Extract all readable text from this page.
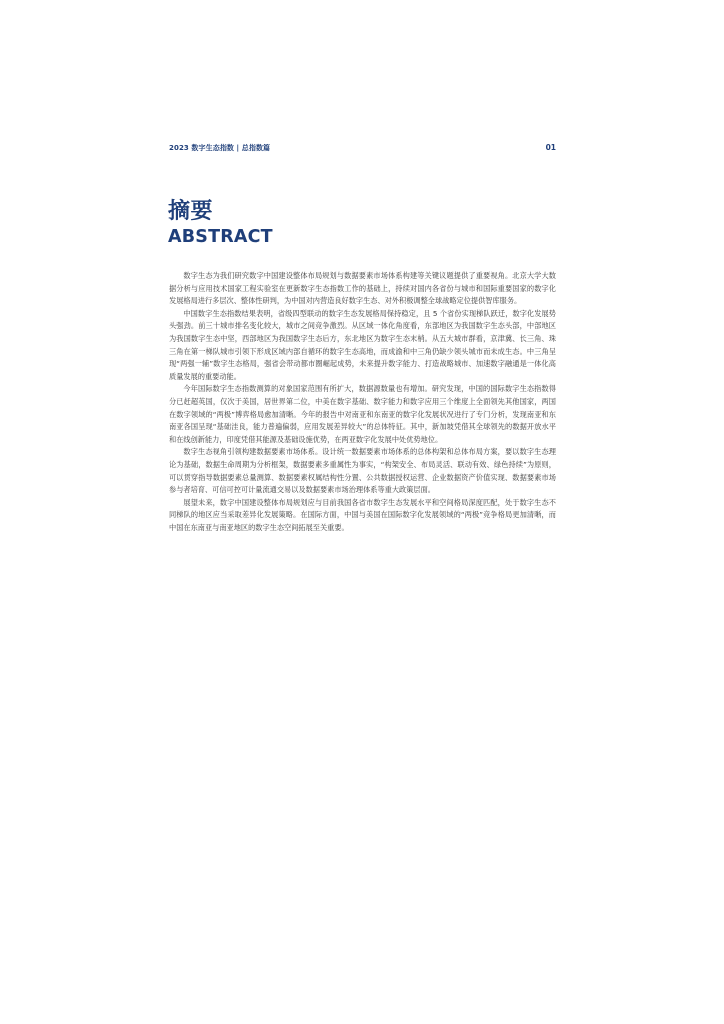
2023 数字生态指数 | 总指数篇	01
摘要
ABSTRACT

数字生态为我们研究数字中国建设整体布局规划与数据要素市场体系构建等关键议题提供了重要视角。北京大学大数据分析与应用技术国家工程实验室在更新数字生态指数工作的基础上，持续对国内各省份与城市和国际重要国家的数字化发展格局进行多层次、整体性研判，为中国对内营造良好数字生态、对外积极调整全球战略定位提供智库服务。

中国数字生态指数结果表明，省级四型联动的数字生态发展格局保持稳定，且 5 个省份实现梯队跃迁，数字化发展势头强劲。前三十城市排名变化较大，城市之间竞争激烈。从区域一体化角度看，东部地区为我国数字生态头部，中部地区为我国数字生态中坚，西部地区为我国数字生态后方，东北地区为数字生态末梢。从五大城市群看，京津冀、长三角、珠三角在第一梯队城市引领下形成区域内部自循环的数字生态高地，而成渝和中三角仍缺少领头城市而未成生态。中三角呈现“两强一辅”数字生态格局，强省会带动都市圈崛起成势，未来提升数字能力、打造战略城市、加速数字融通是一体化高质量发展的重要动能。

今年国际数字生态指数测算的对象国家范围有所扩大，数据源数量也有增加。研究发现，中国的国际数字生态指数得分已赶超英国，仅次于美国，居世界第二位，中美在数字基础、数字能力和数字应用三个维度上全面领先其他国家，两国在数字领域的“两极”博弈格局愈加清晰。今年的报告中对南亚和东南亚的数字化发展状况进行了专门分析，发现南亚和东南亚各国呈现“基础洼良，能力普遍偏弱，应用发展差异较大”的总体特征。其中，新加坡凭借其全球领先的数据开放水平和在线创新能力，印度凭借其能源及基础设施优势，在两亚数字化发展中处优势地位。

数字生态视角引领构建数据要素市场体系。设计统一数据要素市场体系的总体构架和总体布局方案，要以数字生态理论为基础，数据生命周期为分析框架，数据要素多重属性为事实，“构架安全、布局灵活、联动有效、绿色持续”为原则，可以贯穿指导数据要素总量测算、数据要素权属结构性分置、公共数据授权运营、企业数据资产价值实现、数据要素市场参与者培育、可信可控可计量流通交易以及数据要素市场治理体系等重大政策层面。

展望未来，数字中国建设整体布局规划应与目前我国各省市数字生态发展水平和空间格局深度匹配，处于数字生态不同梯队的地区应当采取差异化发展策略。在国际方面，中国与美国在国际数字化发展领域的“两极”竞争格局更加清晰，而中国在东南亚与南亚地区的数字生态空间拓展至关重要。
